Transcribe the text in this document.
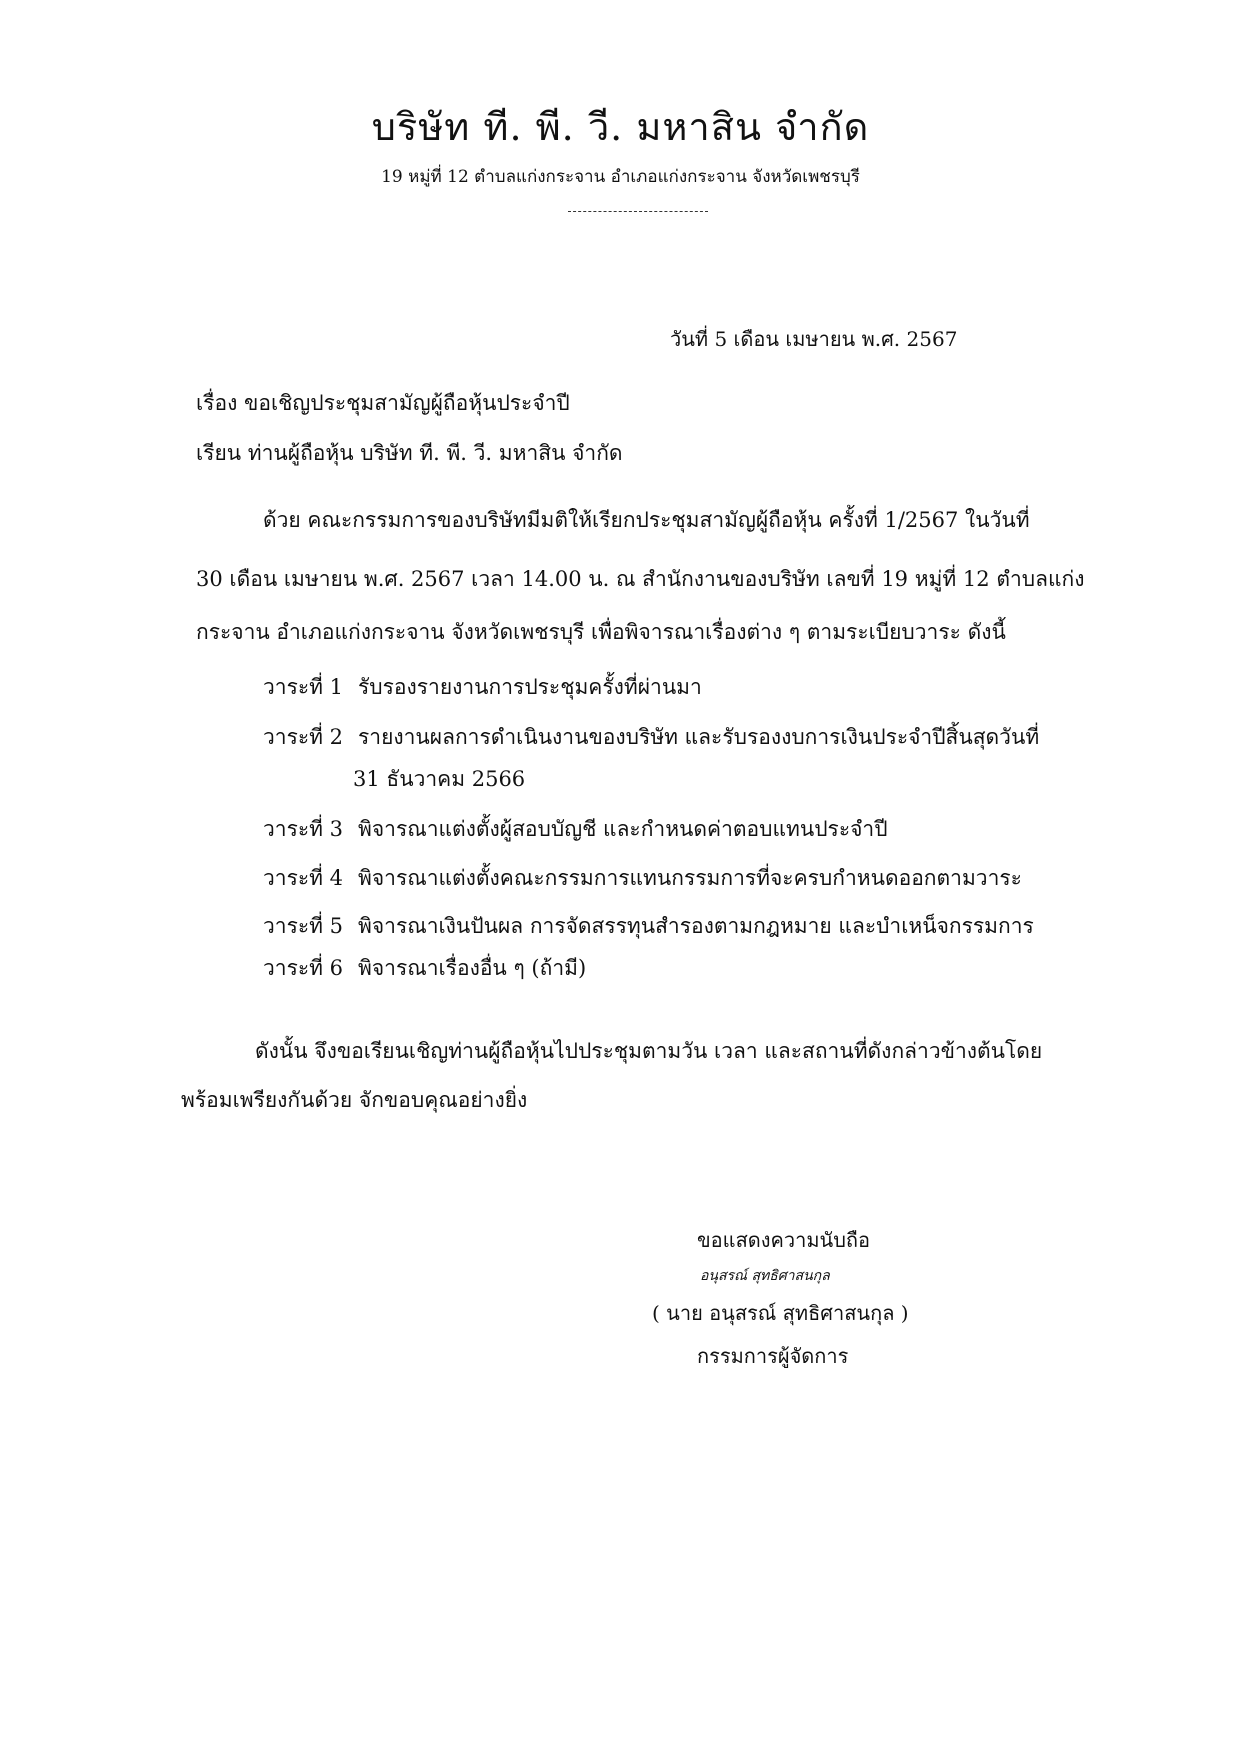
บริษัท ที. พี. วี. มหาสิน จำกัด
19 หมู่ที่ 12 ตำบลแก่งกระจาน อำเภอแก่งกระจาน จังหวัดเพชรบุรี
วันที่ 5 เดือน เมษายน พ.ศ. 2567
เรื่อง ขอเชิญประชุมสามัญผู้ถือหุ้นประจำปี
เรียน ท่านผู้ถือหุ้น บริษัท ที. พี. วี. มหาสิน จำกัด
ด้วย คณะกรรมการของบริษัทมีมติให้เรียกประชุมสามัญผู้ถือหุ้น ครั้งที่ 1/2567 ในวันที่
30 เดือน เมษายน พ.ศ. 2567 เวลา 14.00 น. ณ สำนักงานของบริษัท เลขที่ 19 หมู่ที่ 12 ตำบลแก่ง
กระจาน อำเภอแก่งกระจาน จังหวัดเพชรบุรี เพื่อพิจารณาเรื่องต่าง ๆ ตามระเบียบวาระ ดังนี้
วาระที่ 1 รับรองรายงานการประชุมครั้งที่ผ่านมา
วาระที่ 2 รายงานผลการดำเนินงานของบริษัท และรับรองงบการเงินประจำปีสิ้นสุดวันที่
31 ธันวาคม 2566
วาระที่ 3 พิจารณาแต่งตั้งผู้สอบบัญชี และกำหนดค่าตอบแทนประจำปี
วาระที่ 4 พิจารณาแต่งตั้งคณะกรรมการแทนกรรมการที่จะครบกำหนดออกตามวาระ
วาระที่ 5 พิจารณาเงินปันผล การจัดสรรทุนสำรองตามกฎหมาย และบำเหน็จกรรมการ
วาระที่ 6 พิจารณาเรื่องอื่น ๆ (ถ้ามี)
ดังนั้น จึงขอเรียนเชิญท่านผู้ถือหุ้นไปประชุมตามวัน เวลา และสถานที่ดังกล่าวข้างต้นโดย
พร้อมเพรียงกันด้วย จักขอบคุณอย่างยิ่ง
ขอแสดงความนับถือ
อนุสรณ์ สุทธิศาสนกุล
( นาย อนุสรณ์ สุทธิศาสนกุล )
กรรมการผู้จัดการ
